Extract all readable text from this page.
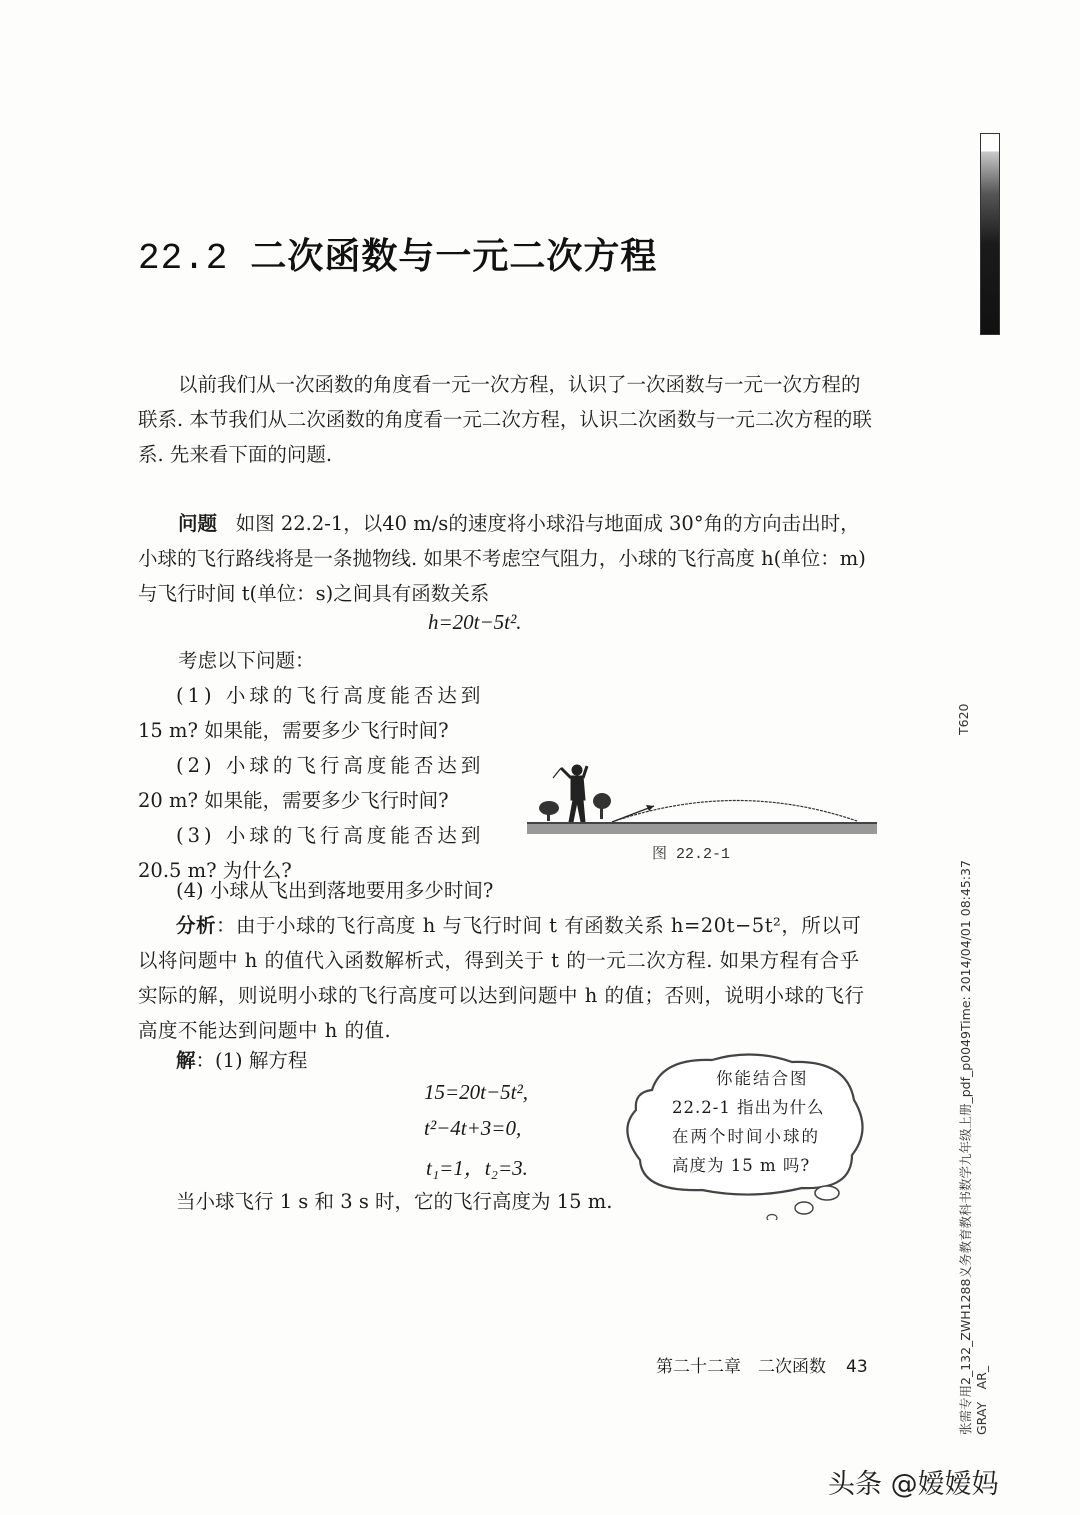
22.2 二次函数与一元二次方程
以前我们从一次函数的角度看一元一次方程，认识了一次函数与一元一次方程的联系. 本节我们从二次函数的角度看一元二次方程，认识二次函数与一元二次方程的联系. 先来看下面的问题.
问题 如图 22.2-1，以40 m/s的速度将小球沿与地面成 30°角的方向击出时，小球的飞行路线将是一条抛物线. 如果不考虑空气阻力，小球的飞行高度 h(单位：m)与飞行时间 t(单位：s)之间具有函数关系
h=20t−5t².
考虑以下问题：
(1) 小球的飞行高度能否达到
15 m? 如果能，需要多少飞行时间?
(2) 小球的飞行高度能否达到
20 m? 如果能，需要多少飞行时间?
(3) 小球的飞行高度能否达到
20.5 m? 为什么?
(4) 小球从飞出到落地要用多少时间?
图 22.2-1
分析：由于小球的飞行高度 h 与飞行时间 t 有函数关系 h=20t−5t²，所以可以将问题中 h 的值代入函数解析式，得到关于 t 的一元二次方程. 如果方程有合乎实际的解，则说明小球的飞行高度可以达到问题中 h 的值；否则，说明小球的飞行高度不能达到问题中 h 的值.
解：(1) 解方程
15=20t−5t²,
t²−4t+3=0,
t₁=1，t₂=3.
当小球飞行 1 s 和 3 s 时，它的飞行高度为 15 m.
你能结合图
22.2-1 指出为什么
在两个时间小球的
高度为 15 m 吗?
第二十二章　二次函数 43
T620
张需专用2_132_ZWH1288义务教育教科书数学九年级上册_pdf_p0049Time: 2014/04/01 08:45:37 GRAY　AR_
头条 @嫒嫒妈
